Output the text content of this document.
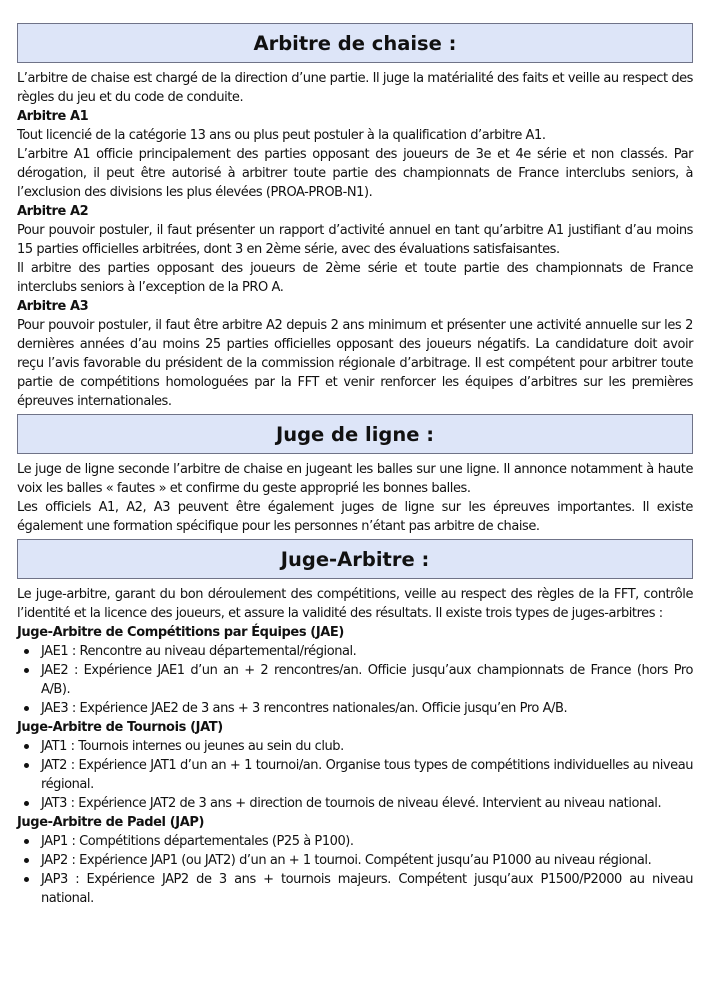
Arbitre de chaise :

L’arbitre de chaise est chargé de la direction d’une partie. Il juge la matérialité des faits et veille au respect des règles du jeu et du code de conduite.

Arbitre A1

Tout licencié de la catégorie 13 ans ou plus peut postuler à la qualification d’arbitre A1.

L’arbitre A1 officie principalement des parties opposant des joueurs de 3e et 4e série et non classés. Par dérogation, il peut être autorisé à arbitrer toute partie des championnats de France interclubs seniors, à l’exclusion des divisions les plus élevées (PROA-PROB-N1).

Arbitre A2

Pour pouvoir postuler, il faut présenter un rapport d’activité annuel en tant qu’arbitre A1 justifiant d’au moins 15 parties officielles arbitrées, dont 3 en 2ème série, avec des évaluations satisfaisantes.

Il arbitre des parties opposant des joueurs de 2ème série et toute partie des championnats de France interclubs seniors à l’exception de la PRO A.

Arbitre A3

Pour pouvoir postuler, il faut être arbitre A2 depuis 2 ans minimum et présenter une activité annuelle sur les 2 dernières années d’au moins 25 parties officielles opposant des joueurs négatifs. La candidature doit avoir reçu l’avis favorable du président de la commission régionale d’arbitrage. Il est compétent pour arbitrer toute partie de compétitions homologuées par la FFT et venir renforcer les équipes d’arbitres sur les premières épreuves internationales.

Juge de ligne :

Le juge de ligne seconde l’arbitre de chaise en jugeant les balles sur une ligne. Il annonce notamment à haute voix les balles « fautes » et confirme du geste approprié les bonnes balles.

Les officiels A1, A2, A3 peuvent être également juges de ligne sur les épreuves importantes. Il existe également une formation spécifique pour les personnes n’étant pas arbitre de chaise.

Juge-Arbitre :

Le juge-arbitre, garant du bon déroulement des compétitions, veille au respect des règles de la FFT, contrôle l’identité et la licence des joueurs, et assure la validité des résultats. Il existe trois types de juges-arbitres :

Juge-Arbitre de Compétitions par Équipes (JAE)

JAE1 : Rencontre au niveau départemental/régional.
JAE2 : Expérience JAE1 d’un an + 2 rencontres/an. Officie jusqu’aux championnats de France (hors Pro A/B).
JAE3 : Expérience JAE2 de 3 ans + 3 rencontres nationales/an. Officie jusqu’en Pro A/B.

Juge-Arbitre de Tournois (JAT)

JAT1 : Tournois internes ou jeunes au sein du club.
JAT2 : Expérience JAT1 d’un an + 1 tournoi/an. Organise tous types de compétitions individuelles au niveau régional.
JAT3 : Expérience JAT2 de 3 ans + direction de tournois de niveau élevé. Intervient au niveau national.

Juge-Arbitre de Padel (JAP)

JAP1 : Compétitions départementales (P25 à P100).
JAP2 : Expérience JAP1 (ou JAT2) d’un an + 1 tournoi. Compétent jusqu’au P1000 au niveau régional.
JAP3 : Expérience JAP2 de 3 ans + tournois majeurs. Compétent jusqu’aux P1500/P2000 au niveau national.
